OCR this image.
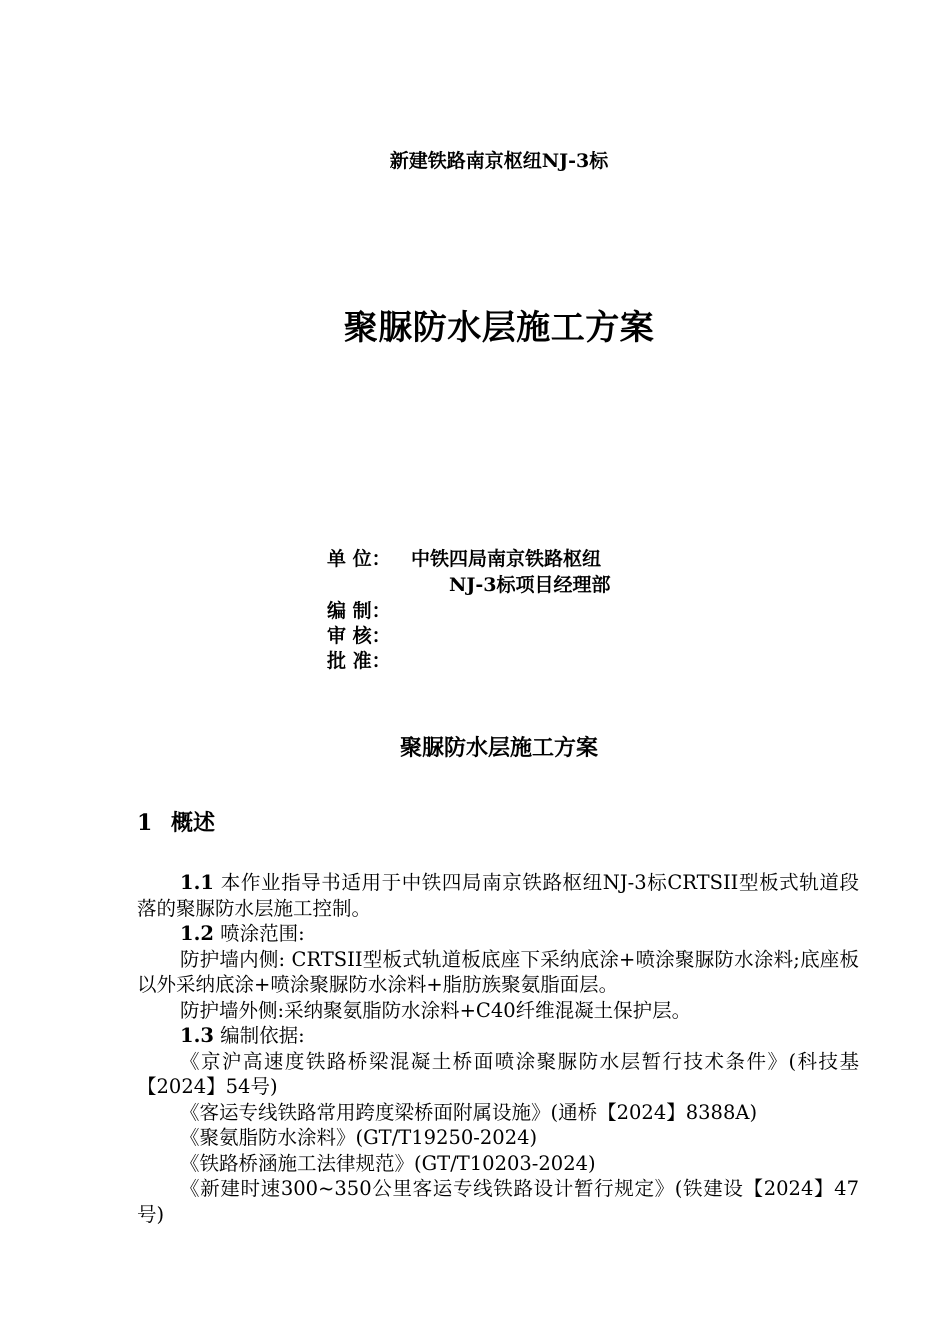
新建铁路南京枢纽NJ-3标
聚脲防水层施工方案
单 位： 中铁四局南京铁路枢纽
NJ-3标项目经理部
编 制：
审 核：
批 准：
聚脲防水层施工方案
1 概述

1.1 本作业指导书适用于中铁四局南京铁路枢纽NJ-3标CRTSII型板式轨道段落的聚脲防水层施工控制。

1.2 喷涂范围:

防护墙内侧: CRTSII型板式轨道板底座下采纳底涂+喷涂聚脲防水涂料;底座板以外采纳底涂+喷涂聚脲防水涂料+脂肪族聚氨脂面层。

防护墙外侧:采纳聚氨脂防水涂料+C40纤维混凝土保护层。

1.3 编制依据:

《京沪高速度铁路桥梁混凝土桥面喷涂聚脲防水层暂行技术条件》(科技基【2024】54号)

《客运专线铁路常用跨度梁桥面附属设施》(通桥【2024】8388A)

《聚氨脂防水涂料》(GT/T19250-2024)

《铁路桥涵施工法律规范》(GT/T10203-2024)

《新建时速300~350公里客运专线铁路设计暂行规定》(铁建设【2024】47号)
